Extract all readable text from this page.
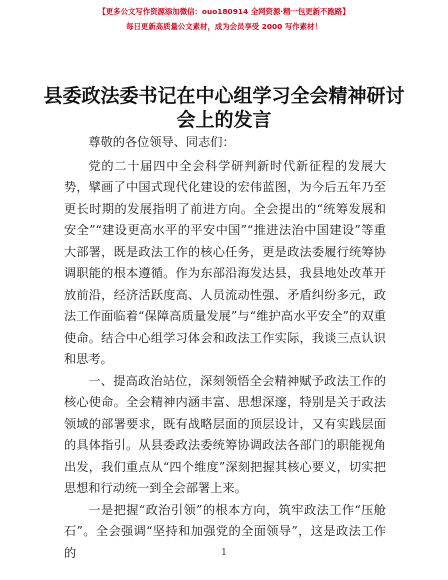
【更多公文写作资源添加微信：ouo180914 全网资源·精一包更新不跑路】
每日更新高质量公文素材，成为会员享受 2000 写作素材！
县委政法委书记在中心组学习全会精神研讨会上的发言

尊敬的各位领导、同志们：

党的二十届四中全会科学研判新时代新征程的发展大势，擘画了中国式现代化建设的宏伟蓝图，为今后五年乃至更长时期的发展指明了前进方向。全会提出的“统筹发展和安全”“建设更高水平的平安中国”“推进法治中国建设”等重大部署，既是政法工作的核心任务，更是政法委履行统筹协调职能的根本遵循。作为东部沿海发达县，我县地处改革开放前沿，经济活跃度高、人员流动性强、矛盾纠纷多元，政法工作面临着“保障高质量发展”与“维护高水平安全”的双重使命。结合中心组学习体会和政法工作实际，我谈三点认识和思考。

一、提高政治站位，深刻领悟全会精神赋予政法工作的核心使命。全会精神内涵丰富、思想深邃，特别是关于政法领域的部署要求，既有战略层面的顶层设计，又有实践层面的具体指引。从县委政法委统筹协调政法各部门的职能视角出发，我们重点从“四个维度”深刻把握其核心要义，切实把思想和行动统一到全会部署上来。

一是把握“政治引领”的根本方向，筑牢政法工作“压舱石”。全会强调“坚持和加强党的全面领导”，这是政法工作的	1
